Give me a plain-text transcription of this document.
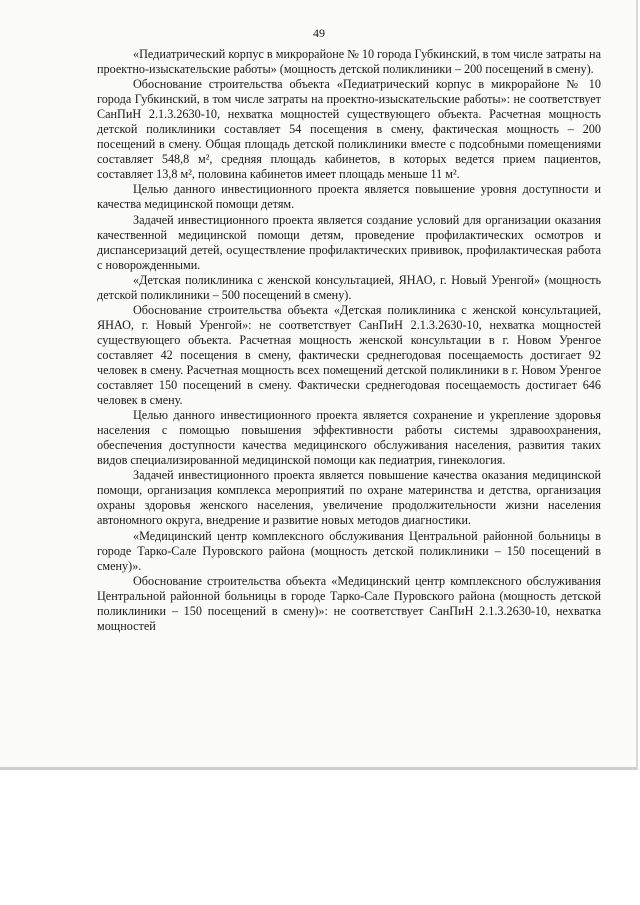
49

«Педиатрический корпус в микрорайоне № 10 города Губкинский, в том числе затраты на проектно-изыскательские работы» (мощность детской поликлиники – 200 посещений в смену).

Обоснование строительства объекта «Педиатрический корпус в микрорайоне № 10 города Губкинский, в том числе затраты на проектно-изыскательские работы»: не соответствует СанПиН 2.1.3.2630-10, нехватка мощностей существующего объекта. Расчетная мощность детской поликлиники составляет 54 посещения в смену, фактическая мощность – 200 посещений в смену. Общая площадь детской поликлиники вместе с подсобными помещениями составляет 548,8 м², средняя площадь кабинетов, в которых ведется прием пациентов, составляет 13,8 м², половина кабинетов имеет площадь меньше 11 м².

Целью данного инвестиционного проекта является повышение уровня доступности и качества медицинской помощи детям.

Задачей инвестиционного проекта является создание условий для организации оказания качественной медицинской помощи детям, проведение профилактических осмотров и диспансеризаций детей, осуществление профилактических прививок, профилактическая работа с новорожденными.

«Детская поликлиника с женской консультацией, ЯНАО, г. Новый Уренгой» (мощность детской поликлиники – 500 посещений в смену).

Обоснование строительства объекта «Детская поликлиника с женской консультацией, ЯНАО, г. Новый Уренгой»: не соответствует СанПиН 2.1.3.2630-10, нехватка мощностей существующего объекта. Расчетная мощность женской консультации в г. Новом Уренгое составляет 42 посещения в смену, фактически среднегодовая посещаемость достигает 92 человек в смену. Расчетная мощность всех помещений детской поликлиники в г. Новом Уренгое составляет 150 посещений в смену. Фактически среднегодовая посещаемость достигает 646 человек в смену.

Целью данного инвестиционного проекта является сохранение и укрепление здоровья населения с помощью повышения эффективности работы системы здравоохранения, обеспечения доступности качества медицинского обслуживания населения, развития таких видов специализированной медицинской помощи как педиатрия, гинекология.

Задачей инвестиционного проекта является повышение качества оказания медицинской помощи, организация комплекса мероприятий по охране материнства и детства, организация охраны здоровья женского населения, увеличение продолжительности жизни населения автономного округа, внедрение и развитие новых методов диагностики.

«Медицинский центр комплексного обслуживания Центральной районной больницы в городе Тарко-Сале Пуровского района (мощность детской поликлиники – 150 посещений в смену)».

Обоснование строительства объекта «Медицинский центр комплексного обслуживания Центральной районной больницы в городе Тарко-Сале Пуровского района (мощность детской поликлиники – 150 посещений в смену)»: не соответствует СанПиН 2.1.3.2630-10, нехватка мощностей
